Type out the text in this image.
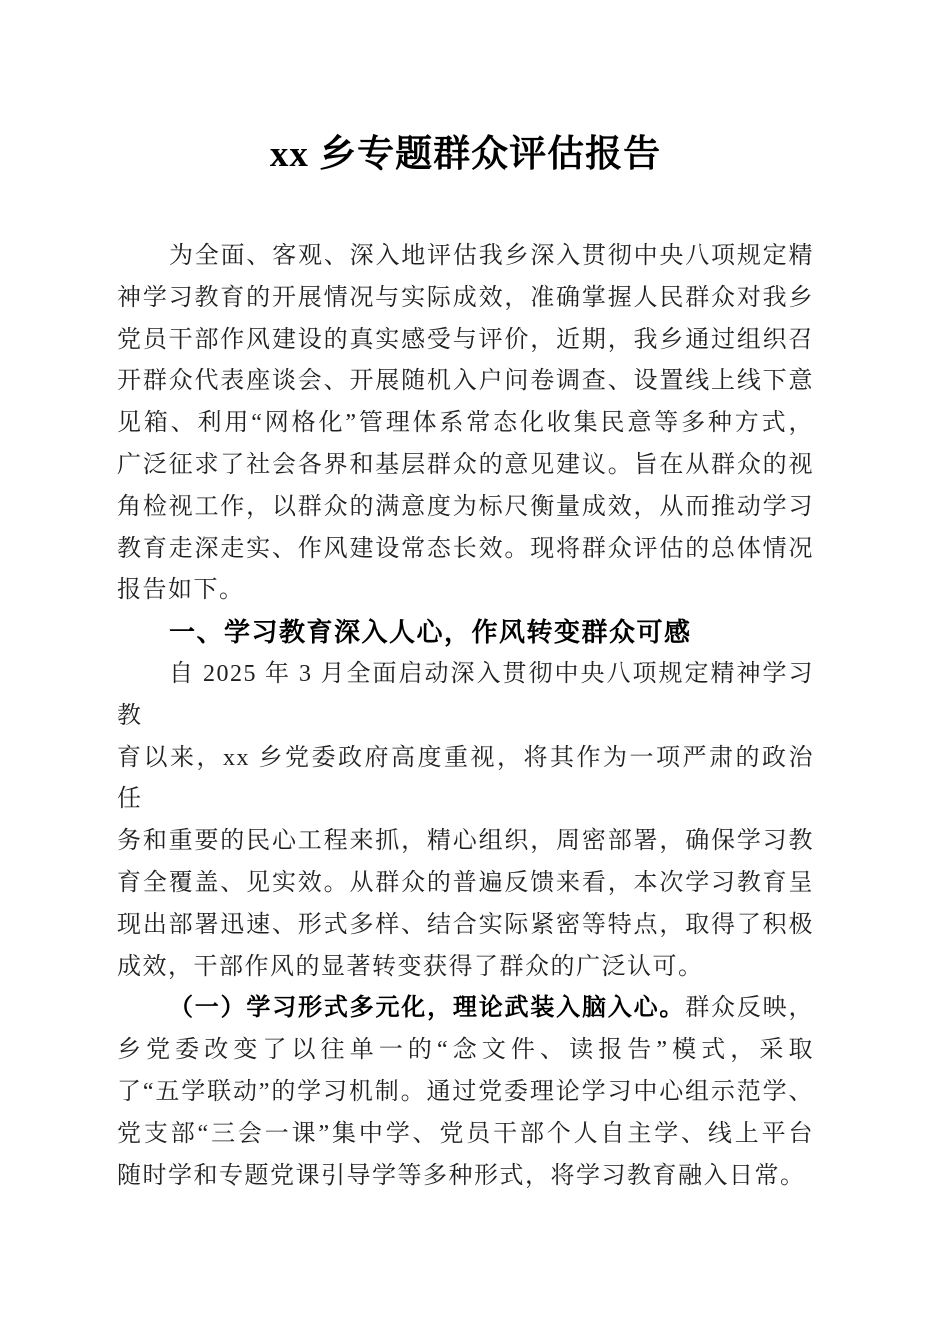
xx 乡专题群众评估报告
为全面、客观、深入地评估我乡深入贯彻中央八项规定精
神学习教育的开展情况与实际成效，准确掌握人民群众对我乡
党员干部作风建设的真实感受与评价，近期，我乡通过组织召
开群众代表座谈会、开展随机入户问卷调查、设置线上线下意
见箱、利用“网格化”管理体系常态化收集民意等多种方式，
广泛征求了社会各界和基层群众的意见建议。旨在从群众的视
角检视工作，以群众的满意度为标尺衡量成效，从而推动学习
教育走深走实、作风建设常态长效。现将群众评估的总体情况
报告如下。
一、学习教育深入人心，作风转变群众可感
自 2025 年 3 月全面启动深入贯彻中央八项规定精神学习教
育以来，xx 乡党委政府高度重视，将其作为一项严肃的政治任
务和重要的民心工程来抓，精心组织，周密部署，确保学习教
育全覆盖、见实效。从群众的普遍反馈来看，本次学习教育呈
现出部署迅速、形式多样、结合实际紧密等特点，取得了积极
成效，干部作风的显著转变获得了群众的广泛认可。
（一）学习形式多元化，理论武装入脑入心。群众反映，
乡党委改变了以往单一的“念文件、读报告”模式，采取
了“五学联动”的学习机制。通过党委理论学习中心组示范学、
党支部“三会一课”集中学、党员干部个人自主学、线上平台
随时学和专题党课引导学等多种形式，将学习教育融入日常。
